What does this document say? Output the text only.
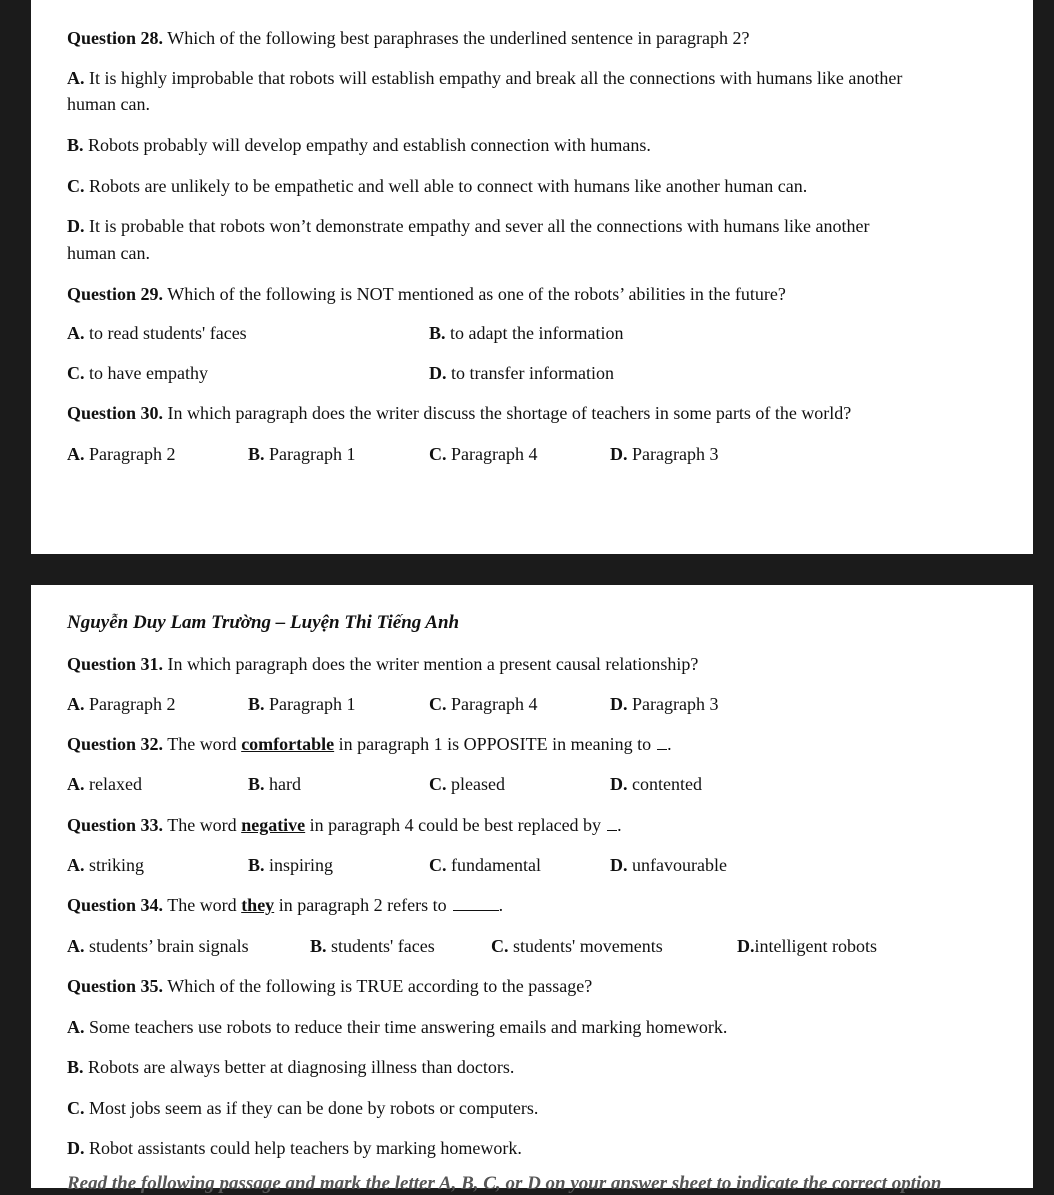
Question 28. Which of the following best paraphrases the underlined sentence in paragraph 2?
A. It is highly improbable that robots will establish empathy and break all the connections with humans like another
human can.
B. Robots probably will develop empathy and establish connection with humans.
C. Robots are unlikely to be empathetic and well able to connect with humans like another human can.
D. It is probable that robots won’t demonstrate empathy and sever all the connections with humans like another
human can.
Question 29. Which of the following is NOT mentioned as one of the robots’ abilities in the future?
A. to read students' faces	B. to adapt the information
C. to have empathy	D. to transfer information
Question 30. In which paragraph does the writer discuss the shortage of teachers in some parts of the world?
A. Paragraph 2	B. Paragraph 1	C. Paragraph 4	D. Paragraph 3
Nguyễn Duy Lam Trường – Luyện Thi Tiếng Anh
Question 31. In which paragraph does the writer mention a present causal relationship?
A. Paragraph 2	B. Paragraph 1	C. Paragraph 4	D. Paragraph 3
Question 32. The word comfortable in paragraph 1 is OPPOSITE in meaning to .
A. relaxed	B. hard	C. pleased	D. contented
Question 33. The word negative in paragraph 4 could be best replaced by .
A. striking	B. inspiring	C. fundamental	D. unfavourable
Question 34. The word they in paragraph 2 refers to	.
A. students’ brain signals	B. students' faces	C. students' movements	D.intelligent robots
Question 35. Which of the following is TRUE according to the passage?
A. Some teachers use robots to reduce their time answering emails and marking homework.
B. Robots are always better at diagnosing illness than doctors.
C. Most jobs seem as if they can be done by robots or computers.
D. Robot assistants could help teachers by marking homework.
Read the following passage and mark the letter A, B, C, or D on your answer sheet to indicate the correct option
